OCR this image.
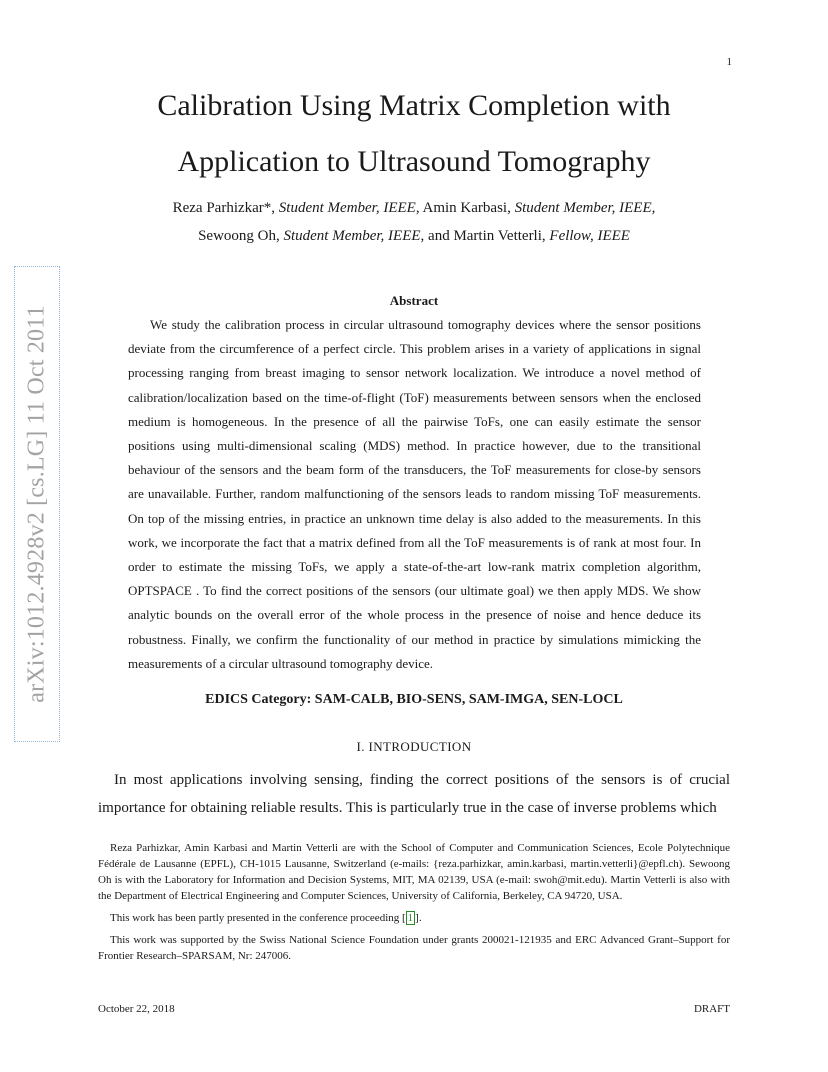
1
arXiv:1012.4928v2 [cs.LG] 11 Oct 2011
Calibration Using Matrix Completion with Application to Ultrasound Tomography
Reza Parhizkar*, Student Member, IEEE, Amin Karbasi, Student Member, IEEE,
Sewoong Oh, Student Member, IEEE, and Martin Vetterli, Fellow, IEEE
Abstract

We study the calibration process in circular ultrasound tomography devices where the sensor positions deviate from the circumference of a perfect circle. This problem arises in a variety of applications in signal processing ranging from breast imaging to sensor network localization. We introduce a novel method of calibration/localization based on the time-of-flight (ToF) measurements between sensors when the enclosed medium is homogeneous. In the presence of all the pairwise ToFs, one can easily estimate the sensor positions using multi-dimensional scaling (MDS) method. In practice however, due to the transitional behaviour of the sensors and the beam form of the transducers, the ToF measurements for close-by sensors are unavailable. Further, random malfunctioning of the sensors leads to random missing ToF measurements. On top of the missing entries, in practice an unknown time delay is also added to the measurements. In this work, we incorporate the fact that a matrix defined from all the ToF measurements is of rank at most four. In order to estimate the missing ToFs, we apply a state-of-the-art low-rank matrix completion algorithm, OPTSPACE . To find the correct positions of the sensors (our ultimate goal) we then apply MDS. We show analytic bounds on the overall error of the whole process in the presence of noise and hence deduce its robustness. Finally, we confirm the functionality of our method in practice by simulations mimicking the measurements of a circular ultrasound tomography device.

EDICS Category: SAM-CALB, BIO-SENS, SAM-IMGA, SEN-LOCL
I. INTRODUCTION

In most applications involving sensing, finding the correct positions of the sensors is of crucial importance for obtaining reliable results. This is particularly true in the case of inverse problems which

Reza Parhizkar, Amin Karbasi and Martin Vetterli are with the School of Computer and Communication Sciences, Ecole Polytechnique Fédérale de Lausanne (EPFL), CH-1015 Lausanne, Switzerland (e-mails: {reza.parhizkar, amin.karbasi, martin.vetterli}@epfl.ch). Sewoong Oh is with the Laboratory for Information and Decision Systems, MIT, MA 02139, USA (e-mail: swoh@mit.edu). Martin Vetterli is also with the Department of Electrical Engineering and Computer Sciences, University of California, Berkeley, CA 94720, USA.

This work has been partly presented in the conference proceeding [ 1 ].

This work was supported by the Swiss National Science Foundation under grants 200021-121935 and ERC Advanced Grant–Support for Frontier Research–SPARSAM, Nr: 247006.

October 22, 2018	DRAFT
